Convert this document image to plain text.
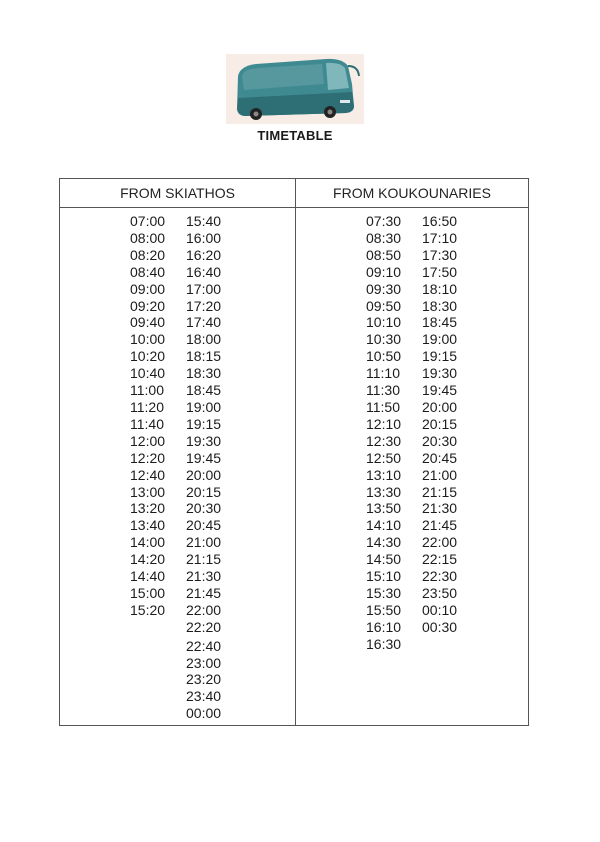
TIMETABLE
FROM SKIATHOS
07:00
08:00
08:20
08:40
09:00
09:20
09:40
10:00
10:20
10:40
11:00
11:20
11:40
12:00
12:20
12:40
13:00
13:20
13:40
14:00
14:20
14:40
15:00
15:20
15:40
16:00
16:20
16:40
17:00
17:20
17:40
18:00
18:15
18:30
18:45
19:00
19:15
19:30
19:45
20:00
20:15
20:30
20:45
21:00
21:15
21:30
21:45
22:00
22:20
22:40
23:00
23:20
23:40
00:00
FROM KOUKOUNARIES
07:30
08:30
08:50
09:10
09:30
09:50
10:10
10:30
10:50
11:10
11:30
11:50
12:10
12:30
12:50
13:10
13:30
13:50
14:10
14:30
14:50
15:10
15:30
15:50
16:10
16:30
16:50
17:10
17:30
17:50
18:10
18:30
18:45
19:00
19:15
19:30
19:45
20:00
20:15
20:30
20:45
21:00
21:15
21:30
21:45
22:00
22:15
22:30
23:50
00:10
00:30
